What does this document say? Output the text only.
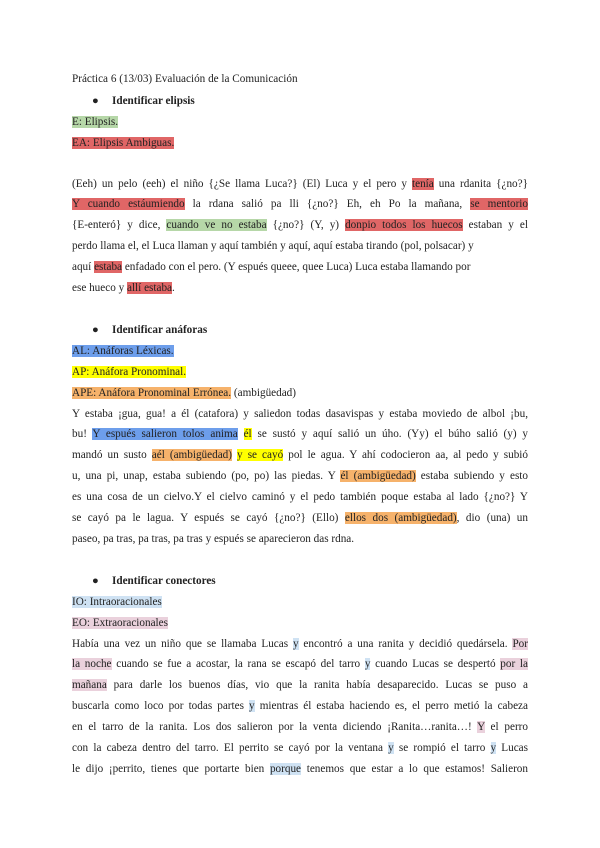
Práctica 6 (13/03) Evaluación de la Comunicación
● Identificar elipsis
E: Elipsis.
EA: Elipsis Ambiguas.
(Eeh) un pelo (eeh) el niño {¿Se llama Luca?} (El) Luca y el pero y tenía una rdanita {¿no?}
Y cuando estáumiendo la rdana salió pa lli {¿no?} Eh, eh Po la mañana, se mentorio
{E-enteró} y dice, cuando ve no estaba {¿no?} (Y, y) donpio todos los huecos estaban y el
perdo llama el, el Luca llaman y aquí también y aquí, aquí estaba tirando (pol, polsacar) y
aquí estaba enfadado con el pero. (Y espués queee, quee Luca) Luca estaba llamando por
ese hueco y allí estaba.
● Identificar anáforas
AL: Anáforas Léxicas.
AP: Anáfora Pronominal.
APE: Anáfora Pronominal Errónea. (ambigüedad)
Y estaba ¡gua, gua! a él (catafora) y saliedon todas dasavispas y estaba moviedo de albol ¡bu,
bu! Y espués salieron tolos anima él se sustó y aquí salió un úho. (Yy) el búho salió (y) y
mandó un susto aél (ambigüedad) y se cayó pol le agua. Y ahí codocieron aa, al pedo y subió
u, una pi, unap, estaba subiendo (po, po) las piedas. Y él (ambigüedad) estaba subiendo y esto
es una cosa de un cielvo.Y el cielvo caminó y el pedo también poque estaba al lado {¿no?} Y
se cayó pa le lagua. Y espués se cayó {¿no?} (Ello) ellos dos (ambigüedad), dio (una) un
paseo, pa tras, pa tras, pa tras y espués se aparecieron das rdna.
● Identificar conectores
IO: Intraoracionales
EO: Extraoracionales
Había una vez un niño que se llamaba Lucas y encontró a una ranita y decidió quedársela. Por
la noche cuando se fue a acostar, la rana se escapó del tarro y cuando Lucas se despertó por la
mañana para darle los buenos días, vio que la ranita había desaparecido. Lucas se puso a
buscarla como loco por todas partes y mientras él estaba haciendo es, el perro metió la cabeza
en el tarro de la ranita. Los dos salieron por la venta diciendo ¡Ranita…ranita…! Y el perro
con la cabeza dentro del tarro. El perrito se cayó por la ventana y se rompió el tarro y Lucas
le dijo ¡perrito, tienes que portarte bien porque tenemos que estar a lo que estamos! Salieron
